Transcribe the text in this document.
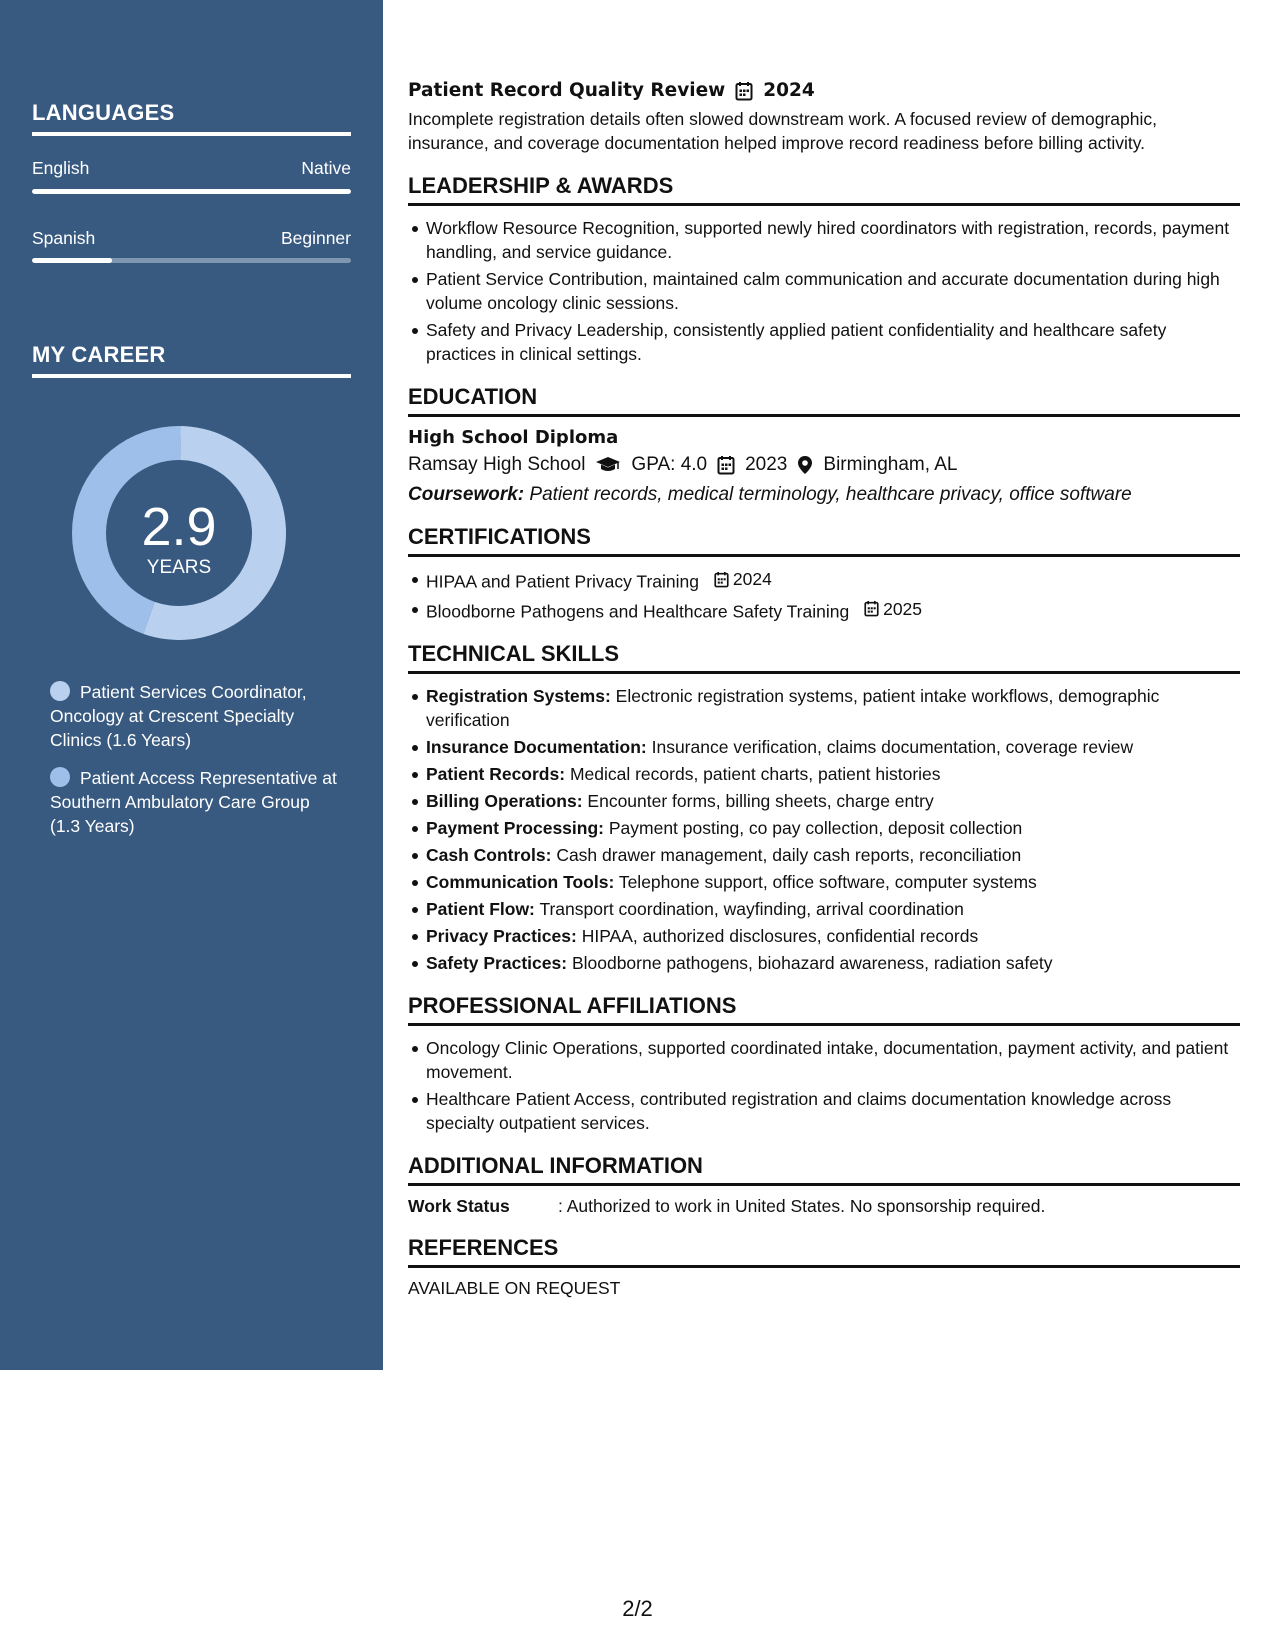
LANGUAGES
English	Native
Spanish	Beginner
MY CAREER
2.9
YEARS
Patient Services Coordinator, Oncology at Crescent Specialty Clinics (1.6 Years)
Patient Access Representative at Southern Ambulatory Care Group (1.3 Years)
Patient Record Quality Review 2024

Incomplete registration details often slowed downstream work. A focused review of demographic, insurance, and coverage documentation helped improve record readiness before billing activity.

LEADERSHIP & AWARDS
Workflow Resource Recognition, supported newly hired coordinators with registration, records, payment handling, and service guidance.
Patient Service Contribution, maintained calm communication and accurate documentation during high volume oncology clinic sessions.
Safety and Privacy Leadership, consistently applied patient confidentiality and healthcare safety practices in clinical settings.
EDUCATION
High School Diploma
Ramsay High School GPA: 4.0 2023 Birmingham, AL
Coursework: Patient records, medical terminology, healthcare privacy, office software
CERTIFICATIONS
HIPAA and Patient Privacy Training 2024
Bloodborne Pathogens and Healthcare Safety Training 2025
TECHNICAL SKILLS
Registration Systems: Electronic registration systems, patient intake workflows, demographic verification
Insurance Documentation: Insurance verification, claims documentation, coverage review
Patient Records: Medical records, patient charts, patient histories
Billing Operations: Encounter forms, billing sheets, charge entry
Payment Processing: Payment posting, co pay collection, deposit collection
Cash Controls: Cash drawer management, daily cash reports, reconciliation
Communication Tools: Telephone support, office software, computer systems
Patient Flow: Transport coordination, wayfinding, arrival coordination
Privacy Practices: HIPAA, authorized disclosures, confidential records
Safety Practices: Bloodborne pathogens, biohazard awareness, radiation safety
PROFESSIONAL AFFILIATIONS
Oncology Clinic Operations, supported coordinated intake, documentation, payment activity, and patient movement.
Healthcare Patient Access, contributed registration and claims documentation knowledge across specialty outpatient services.
ADDITIONAL INFORMATION
Work Status	: Authorized to work in United States. No sponsorship required.
REFERENCES
AVAILABLE ON REQUEST
2/2
